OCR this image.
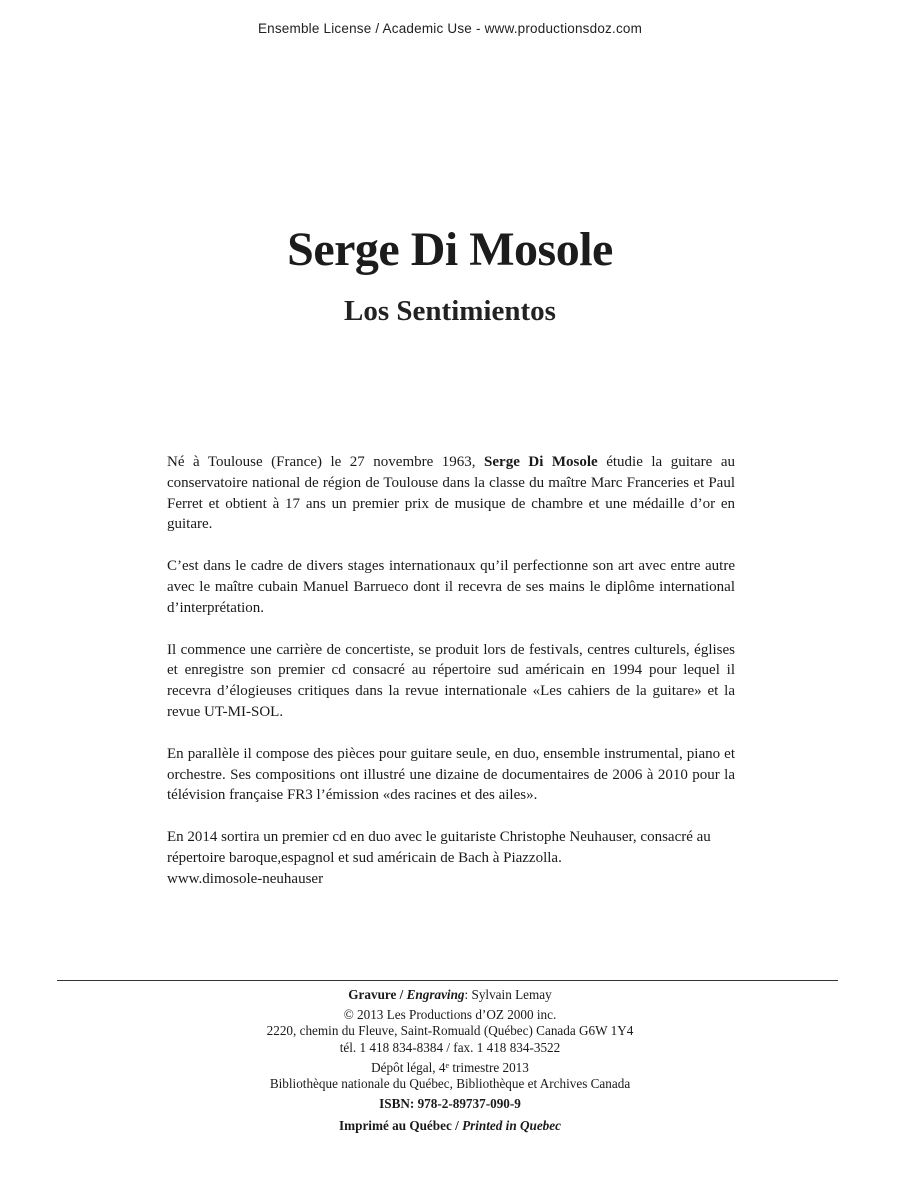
Ensemble License / Academic Use - www.productionsdoz.com
Serge Di Mosole
Los Sentimientos

Né à Toulouse (France) le 27 novembre 1963, Serge Di Mosole étudie la guitare au conservatoire national de région de Toulouse dans la classe du maître Marc Franceries et Paul Ferret et obtient à 17 ans un premier prix de musique de chambre et une médaille d’or en guitare.

C’est dans le cadre de divers stages internationaux qu’il perfectionne son art avec entre autre avec le maître cubain Manuel Barrueco dont il recevra de ses mains le diplôme international d’interprétation.

Il commence une carrière de concertiste, se produit lors de festivals, centres culturels, églises et enregistre son premier cd consacré au répertoire sud américain en 1994 pour lequel il recevra d’élogieuses critiques dans la revue internationale «Les cahiers de la guitare» et la revue UT-MI-SOL.

En parallèle il compose des pièces pour guitare seule, en duo, ensemble instrumental, piano et orchestre. Ses compositions ont illustré une dizaine de documentaires de 2006 à 2010 pour la télévision française FR3 l’émission «des racines et des ailes».

En 2014 sortira un premier cd en duo avec le guitariste Christophe Neuhauser, consacré au répertoire baroque,espagnol et sud américain de Bach à Piazzolla.
www.dimosole-neuhauser

Gravure / Engraving: Sylvain Lemay
© 2013 Les Productions d’OZ 2000 inc.
2220, chemin du Fleuve, Saint-Romuald (Québec) Canada G6W 1Y4
tél. 1 418 834-8384 / fax. 1 418 834-3522
Dépôt légal, 4e trimestre 2013
Bibliothèque nationale du Québec, Bibliothèque et Archives Canada
ISBN: 978-2-89737-090-9
Imprimé au Québec / Printed in Quebec
